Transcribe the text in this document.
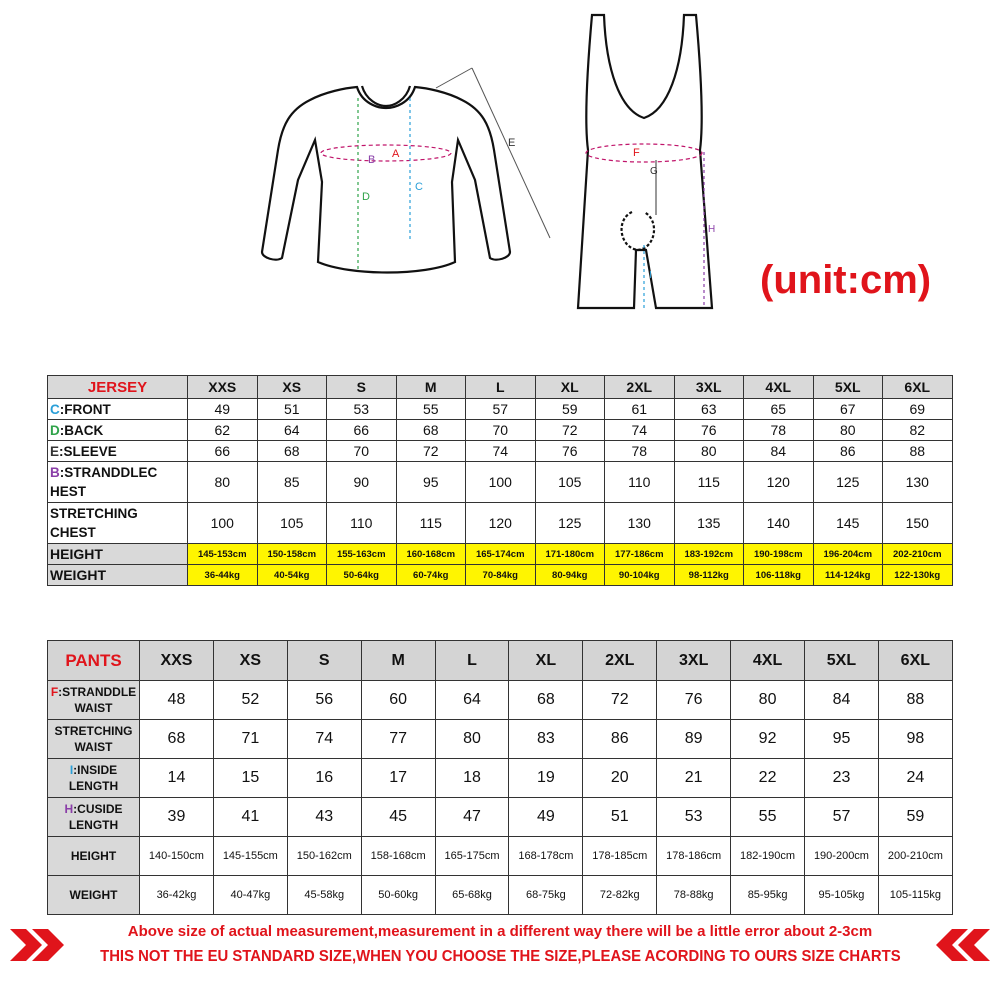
A
B
D
C
E
F
G
H
I	(unit:cm)
JERSEY	XXS	XS	S	M	L	XL	2XL	3XL	4XL	5XL	6XL
C:FRONT	49	51	53	55	57	59	61	63	65	67	69
D:BACK	62	64	66	68	70	72	74	76	78	80	82
E:SLEEVE	66	68	70	72	74	76	78	80	84	86	88
B:STRANDDLEC HEST	80	85	90	95	100	105	110	115	120	125	130
STRETCHING CHEST	100	105	110	115	120	125	130	135	140	145	150
HEIGHT	145-153cm	150-158cm	155-163cm	160-168cm	165-174cm	171-180cm	177-186cm	183-192cm	190-198cm	196-204cm	202-210cm
WEIGHT	36-44kg	40-54kg	50-64kg	60-74kg	70-84kg	80-94kg	90-104kg	98-112kg	106-118kg	114-124kg	122-130kg
PANTS	XXS	XS	S	M	L	XL	2XL	3XL	4XL	5XL	6XL
F:STRANDDLE WAIST	48	52	56	60	64	68	72	76	80	84	88
STRETCHING WAIST	68	71	74	77	80	83	86	89	92	95	98
I:INSIDE LENGTH	14	15	16	17	18	19	20	21	22	23	24
H:CUSIDE LENGTH	39	41	43	45	47	49	51	53	55	57	59
HEIGHT	140-150cm	145-155cm	150-162cm	158-168cm	165-175cm	168-178cm	178-185cm	178-186cm	182-190cm	190-200cm	200-210cm
WEIGHT	36-42kg	40-47kg	45-58kg	50-60kg	65-68kg	68-75kg	72-82kg	78-88kg	85-95kg	95-105kg	105-115kg
Above size of actual measurement,measurement in a different way there will be a little error about 2-3cm
THIS NOT THE EU STANDARD SIZE,WHEN YOU CHOOSE THE SIZE,PLEASE ACORDING TO OURS SIZE CHARTS
